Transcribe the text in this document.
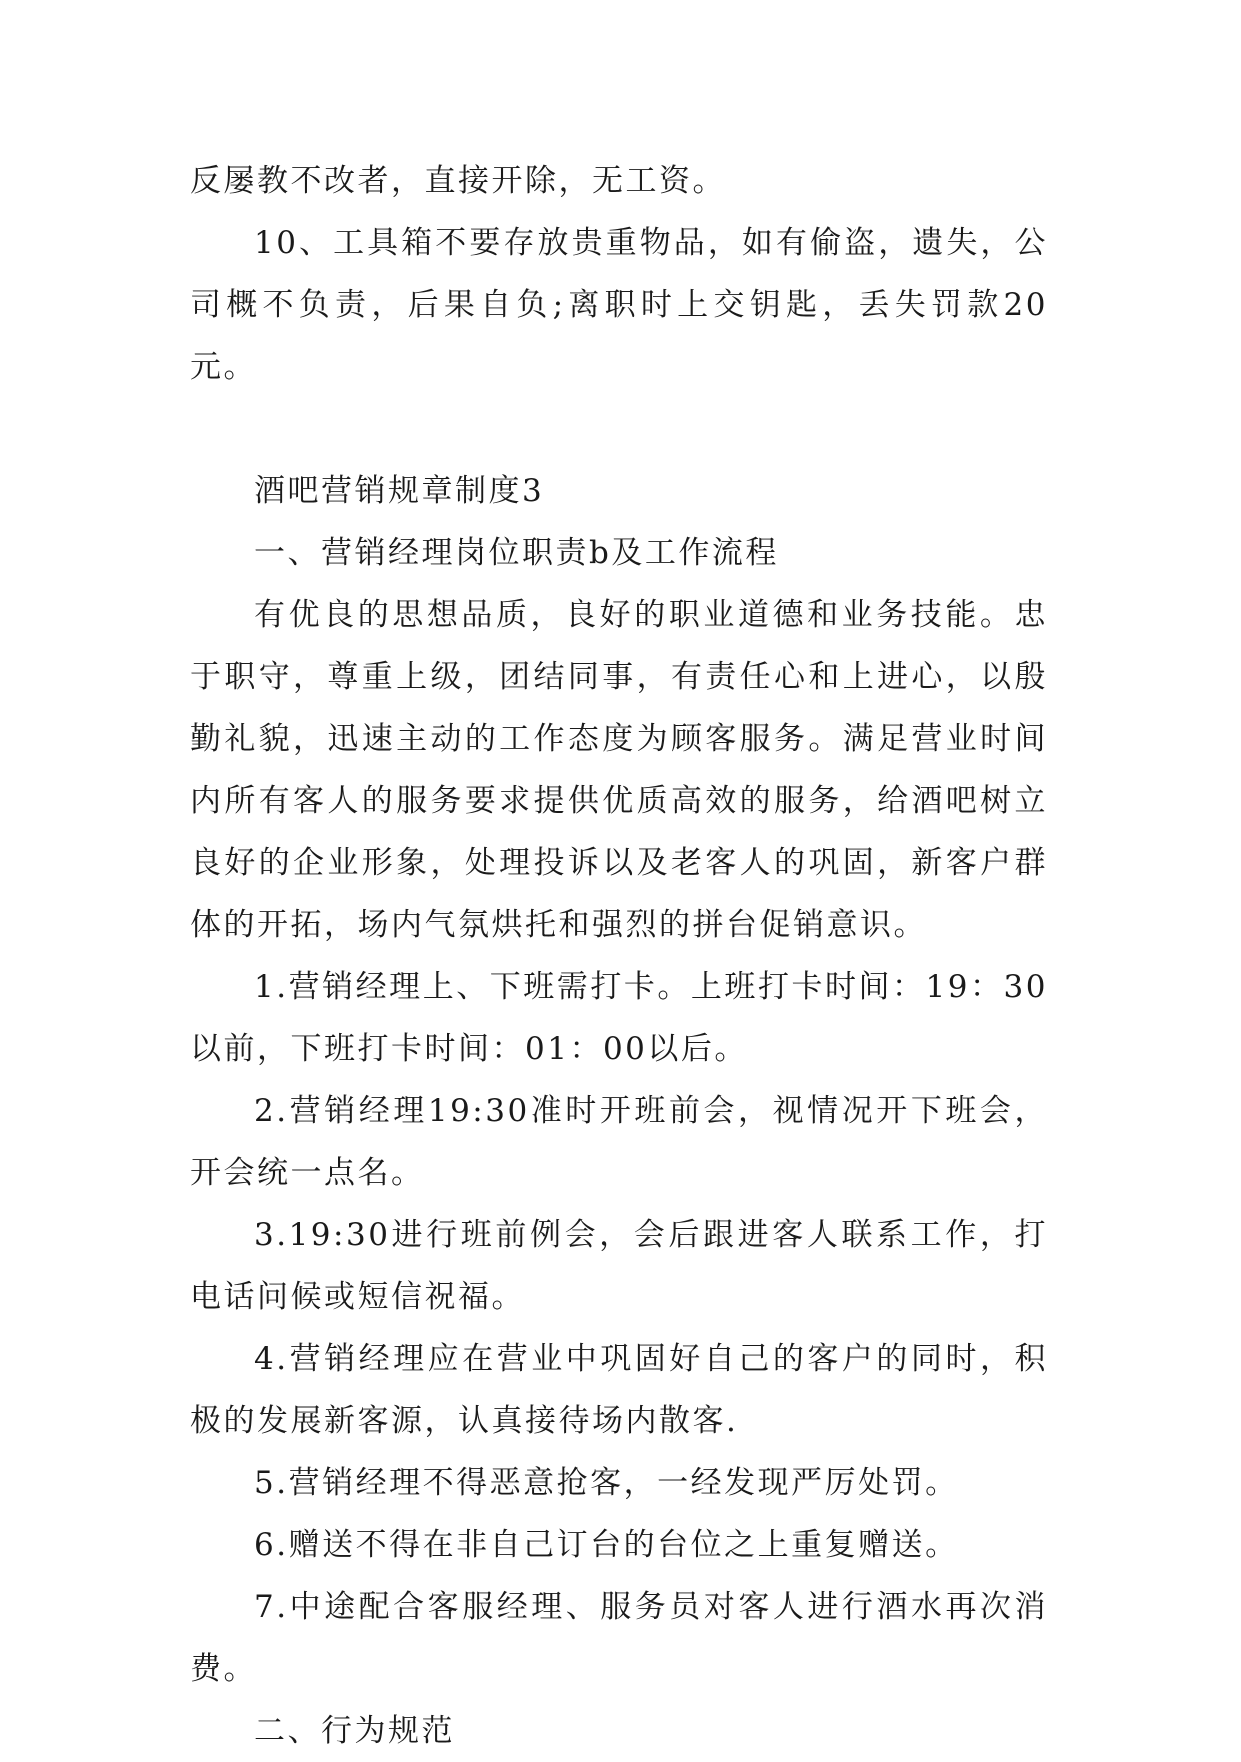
反屡教不改者，直接开除，无工资。

10、工具箱不要存放贵重物品，如有偷盗，遗失，公司概不负责，后果自负;离职时上交钥匙，丢失罚款20元。

酒吧营销规章制度3

一、营销经理岗位职责b及工作流程

有优良的思想品质，良好的职业道德和业务技能。忠于职守，尊重上级，团结同事，有责任心和上进心，以殷勤礼貌，迅速主动的工作态度为顾客服务。满足营业时间内所有客人的服务要求提供优质高效的服务，给酒吧树立良好的企业形象，处理投诉以及老客人的巩固，新客户群体的开拓，场内气氛烘托和强烈的拼台促销意识。

1.营销经理上、下班需打卡。上班打卡时间：19：30以前，下班打卡时间：01：00以后。

2.营销经理19:30准时开班前会，视情况开下班会，开会统一点名。

3.19:30进行班前例会，会后跟进客人联系工作，打电话问候或短信祝福。

4.营销经理应在营业中巩固好自己的客户的同时，积极的发展新客源，认真接待场内散客.

5.营销经理不得恶意抢客，一经发现严厉处罚。

6.赠送不得在非自己订台的台位之上重复赠送。

7.中途配合客服经理、服务员对客人进行酒水再次消费。

二、行为规范
